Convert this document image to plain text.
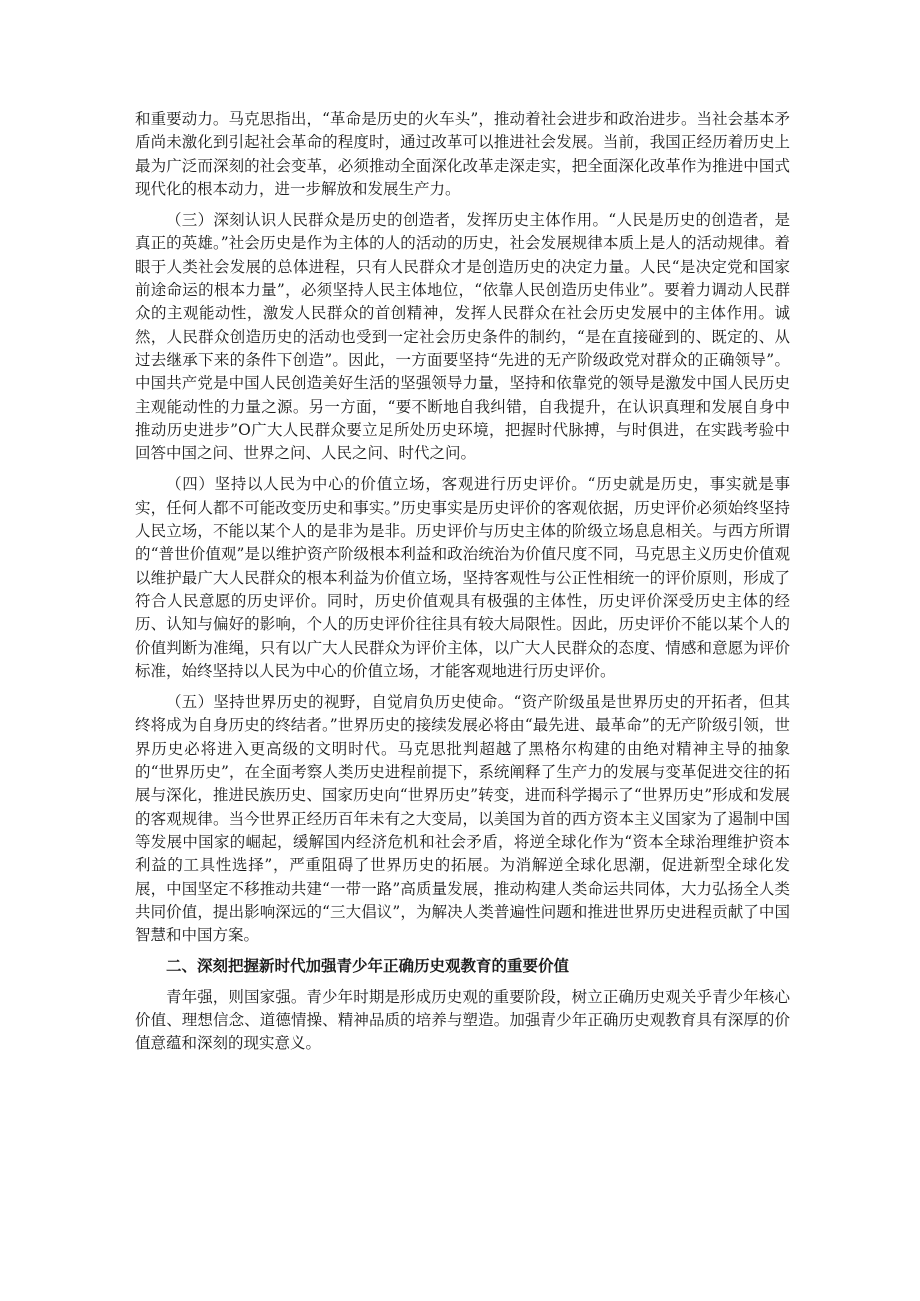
和重要动力。马克思指出，“革命是历史的火车头”，推动着社会进步和政治进步。当社会基本矛盾尚未激化到引起社会革命的程度时，通过改革可以推进社会发展。当前，我国正经历着历史上最为广泛而深刻的社会变革，必须推动全面深化改革走深走实，把全面深化改革作为推进中国式现代化的根本动力，进一步解放和发展生产力。

（三）深刻认识人民群众是历史的创造者，发挥历史主体作用。“人民是历史的创造者，是真正的英雄。”社会历史是作为主体的人的活动的历史，社会发展规律本质上是人的活动规律。着眼于人类社会发展的总体进程，只有人民群众才是创造历史的决定力量。人民“是决定党和国家前途命运的根本力量”，必须坚持人民主体地位，“依靠人民创造历史伟业”。要着力调动人民群众的主观能动性，激发人民群众的首创精神，发挥人民群众在社会历史发展中的主体作用。诚然，人民群众创造历史的活动也受到一定社会历史条件的制约，“是在直接碰到的、既定的、从过去继承下来的条件下创造”。因此，一方面要坚持“先进的无产阶级政党对群众的正确领导”。中国共产党是中国人民创造美好生活的坚强领导力量，坚持和依靠党的领导是激发中国人民历史主观能动性的力量之源。另一方面，“要不断地自我纠错，自我提升，在认识真理和发展自身中推动历史进步”O广大人民群众要立足所处历史环境，把握时代脉搏，与时俱进，在实践考验中回答中国之问、世界之问、人民之问、时代之问。

（四）坚持以人民为中心的价值立场，客观进行历史评价。“历史就是历史，事实就是事实，任何人都不可能改变历史和事实。”历史事实是历史评价的客观依据，历史评价必须始终坚持人民立场，不能以某个人的是非为是非。历史评价与历史主体的阶级立场息息相关。与西方所谓的“普世价值观”是以维护资产阶级根本利益和政治统治为价值尺度不同，马克思主义历史价值观以维护最广大人民群众的根本利益为价值立场，坚持客观性与公正性相统一的评价原则，形成了符合人民意愿的历史评价。同时，历史价值观具有极强的主体性，历史评价深受历史主体的经历、认知与偏好的影响，个人的历史评价往往具有较大局限性。因此，历史评价不能以某个人的价值判断为准绳，只有以广大人民群众为评价主体，以广大人民群众的态度、情感和意愿为评价标准，始终坚持以人民为中心的价值立场，才能客观地进行历史评价。

（五）坚持世界历史的视野，自觉肩负历史使命。“资产阶级虽是世界历史的开拓者，但其终将成为自身历史的终结者。”世界历史的接续发展必将由“最先进、最革命”的无产阶级引领，世界历史必将进入更高级的文明时代。马克思批判超越了黑格尔构建的由绝对精神主导的抽象的“世界历史”，在全面考察人类历史进程前提下，系统阐释了生产力的发展与变革促进交往的拓展与深化，推进民族历史、国家历史向“世界历史”转变，进而科学揭示了“世界历史”形成和发展的客观规律。当今世界正经历百年未有之大变局，以美国为首的西方资本主义国家为了遏制中国等发展中国家的崛起，缓解国内经济危机和社会矛盾，将逆全球化作为“资本全球治理维护资本利益的工具性选择”，严重阻碍了世界历史的拓展。为消解逆全球化思潮，促进新型全球化发展，中国坚定不移推动共建“一带一路”高质量发展，推动构建人类命运共同体，大力弘扬全人类共同价值，提出影响深远的“三大倡议”，为解决人类普遍性问题和推进世界历史进程贡献了中国智慧和中国方案。

二、深刻把握新时代加强青少年正确历史观教育的重要价值

青年强，则国家强。青少年时期是形成历史观的重要阶段，树立正确历史观关乎青少年核心价值、理想信念、道德情操、精神品质的培养与塑造。加强青少年正确历史观教育具有深厚的价值意蕴和深刻的现实意义。
